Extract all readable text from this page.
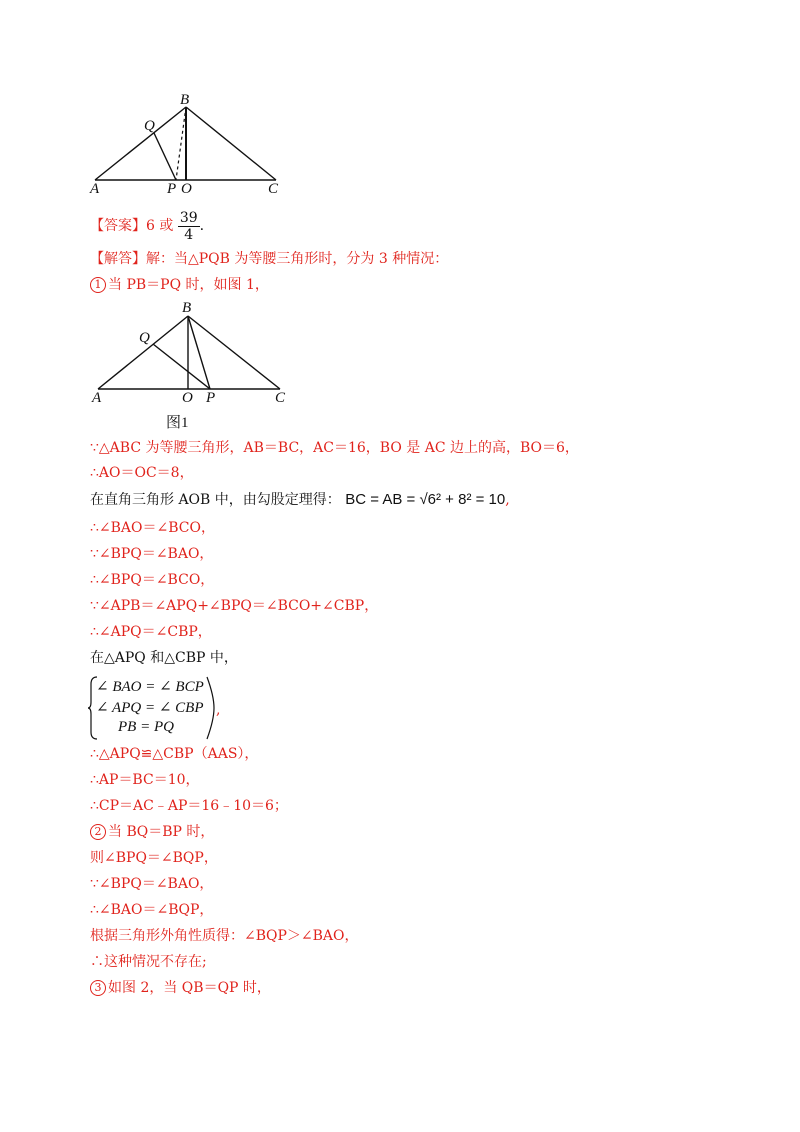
B
Q
A	P O	C
【答案】6 或 $\frac{39}{4}$ .
【解答】解：当△PQB 为等腰三角形时，分为 3 种情况：
1 当 PB＝PQ 时，如图 1，
B
Q
A	O P	C
图1
∵△ABC 为等腰三角形，AB＝BC，AC＝16，BO 是 AC 边上的高，BO＝6，
∴AO＝OC＝8，
在直角三角形 AOB 中，由勾股定理得： BC = AB = √6² + 8² = 10,
∴∠BAO＝∠BCO，
∵∠BPQ＝∠BAO，
∴∠BPQ＝∠BCO，
∵∠APB＝∠APQ+∠BPQ＝∠BCO+∠CBP，
∴∠APQ＝∠CBP，
在△APQ 和△CBP 中，
∠ BAO = ∠ BCP
∠ APQ = ∠ CBP
PB = PQ
,
∴△APQ≌△CBP（AAS），
∴AP＝BC＝10，
∴CP＝AC﹣AP＝16﹣10＝6；
2 当 BQ＝BP 时，
则∠BPQ＝∠BQP，
∵∠BPQ＝∠BAO，
∴∠BAO＝∠BQP，
根据三角形外角性质得：∠BQP＞∠BAO，
∴这种情况不存在;
3 如图 2，当 QB＝QP 时，
